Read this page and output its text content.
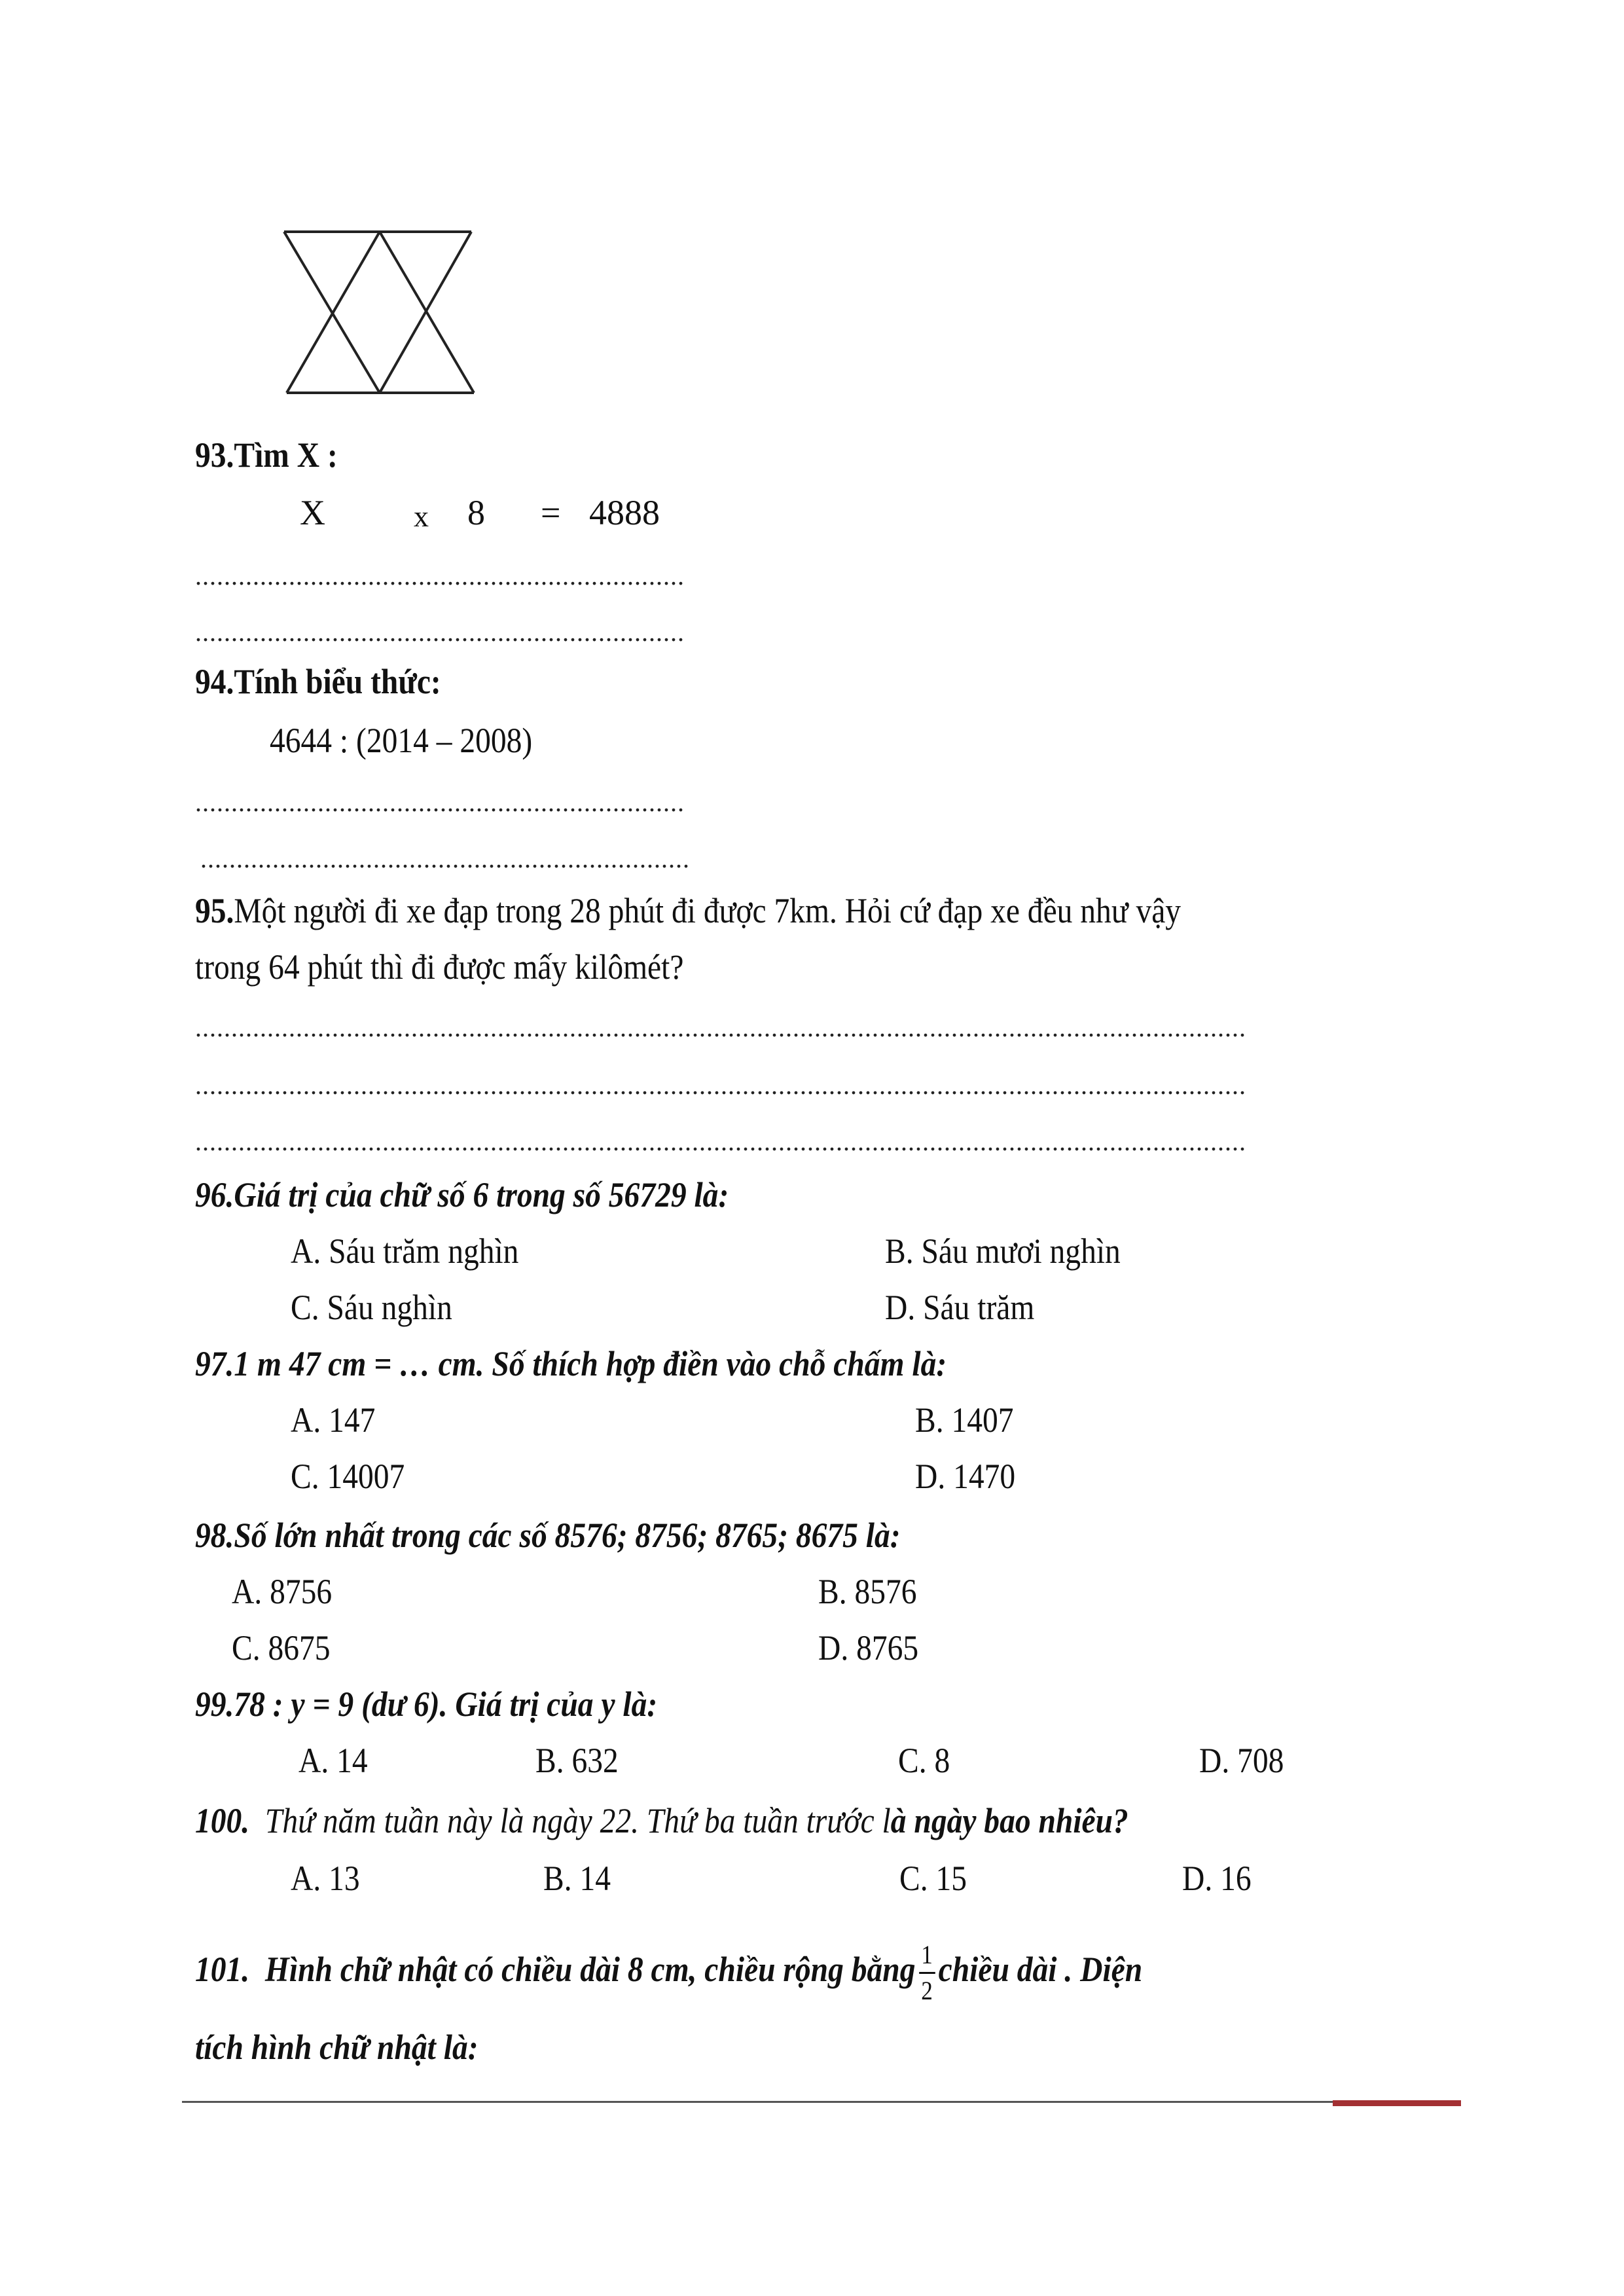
93.Tìm X :
X	x 8 = 4888
....................................................................
....................................................................
94.Tính biểu thức:
4644 : (2014 – 2008)
....................................................................
....................................................................
95.Một người đi xe đạp trong 28 phút đi được 7km. Hỏi cứ đạp xe đều như vậy
trong 64 phút thì đi được mấy kilômét?
..................................................................................................................................................
..................................................................................................................................................
..................................................................................................................................................
96.Giá trị của chữ số 6 trong số 56729 là:
A. Sáu trăm nghìn	B. Sáu mươi nghìn
C. Sáu nghìn	D. Sáu trăm
97.1 m 47 cm = … cm. Số thích hợp điền vào chỗ chấm là:
A. 147	B. 1407
C. 14007	D. 1470
98.Số lớn nhất trong các số 8576; 8756; 8765; 8675 là:
A. 8756	B. 8576
C. 8675	D. 8765
99.78 : y = 9 (dư 6). Giá trị của y là:
A. 14	B. 632	C. 8	D. 708
100. Thứ năm tuần này là ngày 22. Thứ ba tuần trước là ngày bao nhiêu?
A. 13	B. 14	C. 15	D. 16
101. Hình chữ nhật có chiều dài 8 cm, chiều rộng bằng $\frac{1}{2}$ chiều dài . Diện
tích hình chữ nhật là:
